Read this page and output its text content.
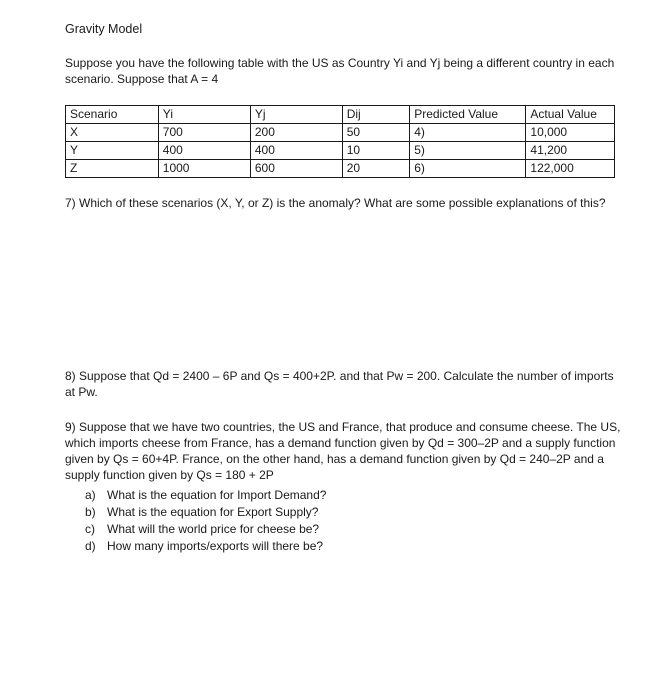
Gravity Model
Suppose you have the following table with the US as Country Yi and Yj being a different country in each scenario. Suppose that A = 4
Scenario	Yi	Yj	Dij	Predicted Value	Actual Value
X	700	200	50	4)	10,000
Y	400	400	10	5)	41,200
Z	1000	600	20	6)	122,000
7) Which of these scenarios (X, Y, or Z) is the anomaly? What are some possible explanations of this?
8) Suppose that Qd = 2400 – 6P and Qs = 400+2P. and that Pw = 200. Calculate the number of imports at Pw.
9) Suppose that we have two countries, the US and France, that produce and consume cheese. The US, which imports cheese from France, has a demand function given by Qd = 300–2P and a supply function given by Qs = 60+4P. France, on the other hand, has a demand function given by Qd = 240–2P and a supply function given by Qs = 180 + 2P
a) What is the equation for Import Demand?
b) What is the equation for Export Supply?
c) What will the world price for cheese be?
d) How many imports/exports will there be?
